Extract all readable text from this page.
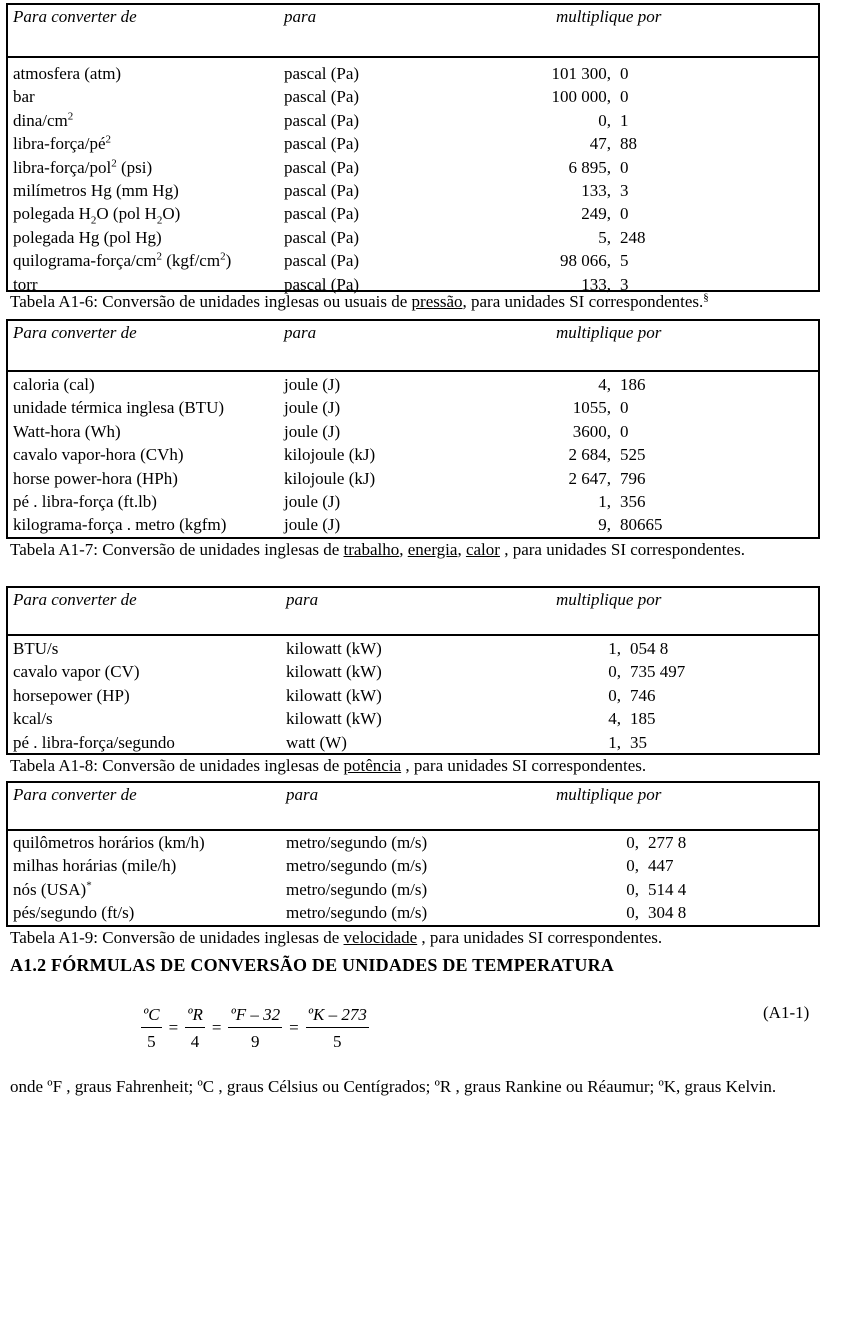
Para converter de	para	multiplique por
atmosfera (atm)	pascal (Pa)	101 300, 0
bar	pascal (Pa)	100 000, 0
dina/$cm^2$	pascal (Pa)	0, 1
libra-$força/pé^2$	pascal (Pa)	47, 88
libra-força/pol$^2$ (psi)	pascal (Pa)	6 895, 0
milímetros Hg (mm Hg)	pascal (Pa)	133, 3
polegada $H_2O$ (pol $H_2O$)	pascal (Pa)	249, 0
polegada Hg (pol Hg)	pascal (Pa)	5, 248
quilograma-$força/cm^2$ $(kgf/cm^2)$	pascal (Pa)	98 066, 5
torr	pascal (Pa)	133, 3
Tabela A1-6: Conversão de unidades inglesas ou usuais de pressão, para unidades SI correspondentes.§
Para converter de	para	multiplique por
caloria (cal)	joule (J)	4, 186
unidade térmica inglesa (BTU)	joule (J)	1055, 0
Watt-hora (Wh)	joule (J)	3600, 0
cavalo vapor-hora (CVh)	kilojoule (kJ)	2 684, 525
horse power-hora (HPh)	kilojoule (kJ)	2 647, 796
pé . libra-força (ft.lb)	joule (J)	1, 356
kilograma-força . metro (kgfm)	joule (J)	9, 80665
Tabela A1-7: Conversão de unidades inglesas de trabalho, energia, calor , para unidades SI correspondentes.
Para converter de	para	multiplique por
BTU/s	kilowatt (kW)	1, 054 8
cavalo vapor (CV)	kilowatt (kW)	0, 735 497
horsepower (HP)	kilowatt (kW)	0, 746
kcal/s	kilowatt (kW)	4, 185
pé . libra-força/segundo	watt (W)	1, 35
Tabela A1-8: Conversão de unidades inglesas de potência , para unidades SI correspondentes.
Para converter de	para	multiplique por
quilômetros horários (km/h)	metro/segundo (m/s)	0, 277 8
milhas horárias (mile/h)	metro/segundo (m/s)	0, 447
nós (USA)*	metro/segundo (m/s)	0, 514 4
pés/segundo (ft/s)	metro/segundo (m/s)	0, 304 8
Tabela A1-9: Conversão de unidades inglesas de velocidade , para unidades SI correspondentes.
A1.2 FÓRMULAS DE CONVERSÃO DE UNIDADES DE TEMPERATURA
$\frac{\text{ºC}}{5} = \frac{\text{ºR}}{4} = \frac{\text{ºF – 32}}{9} = \frac{\text{ºK – 273}}{5}$	(A1-1)
onde ºF , graus Fahrenheit; ºC , graus Célsius ou Centígrados; ºR , graus Rankine ou Réaumur; ºK, graus Kelvin.
